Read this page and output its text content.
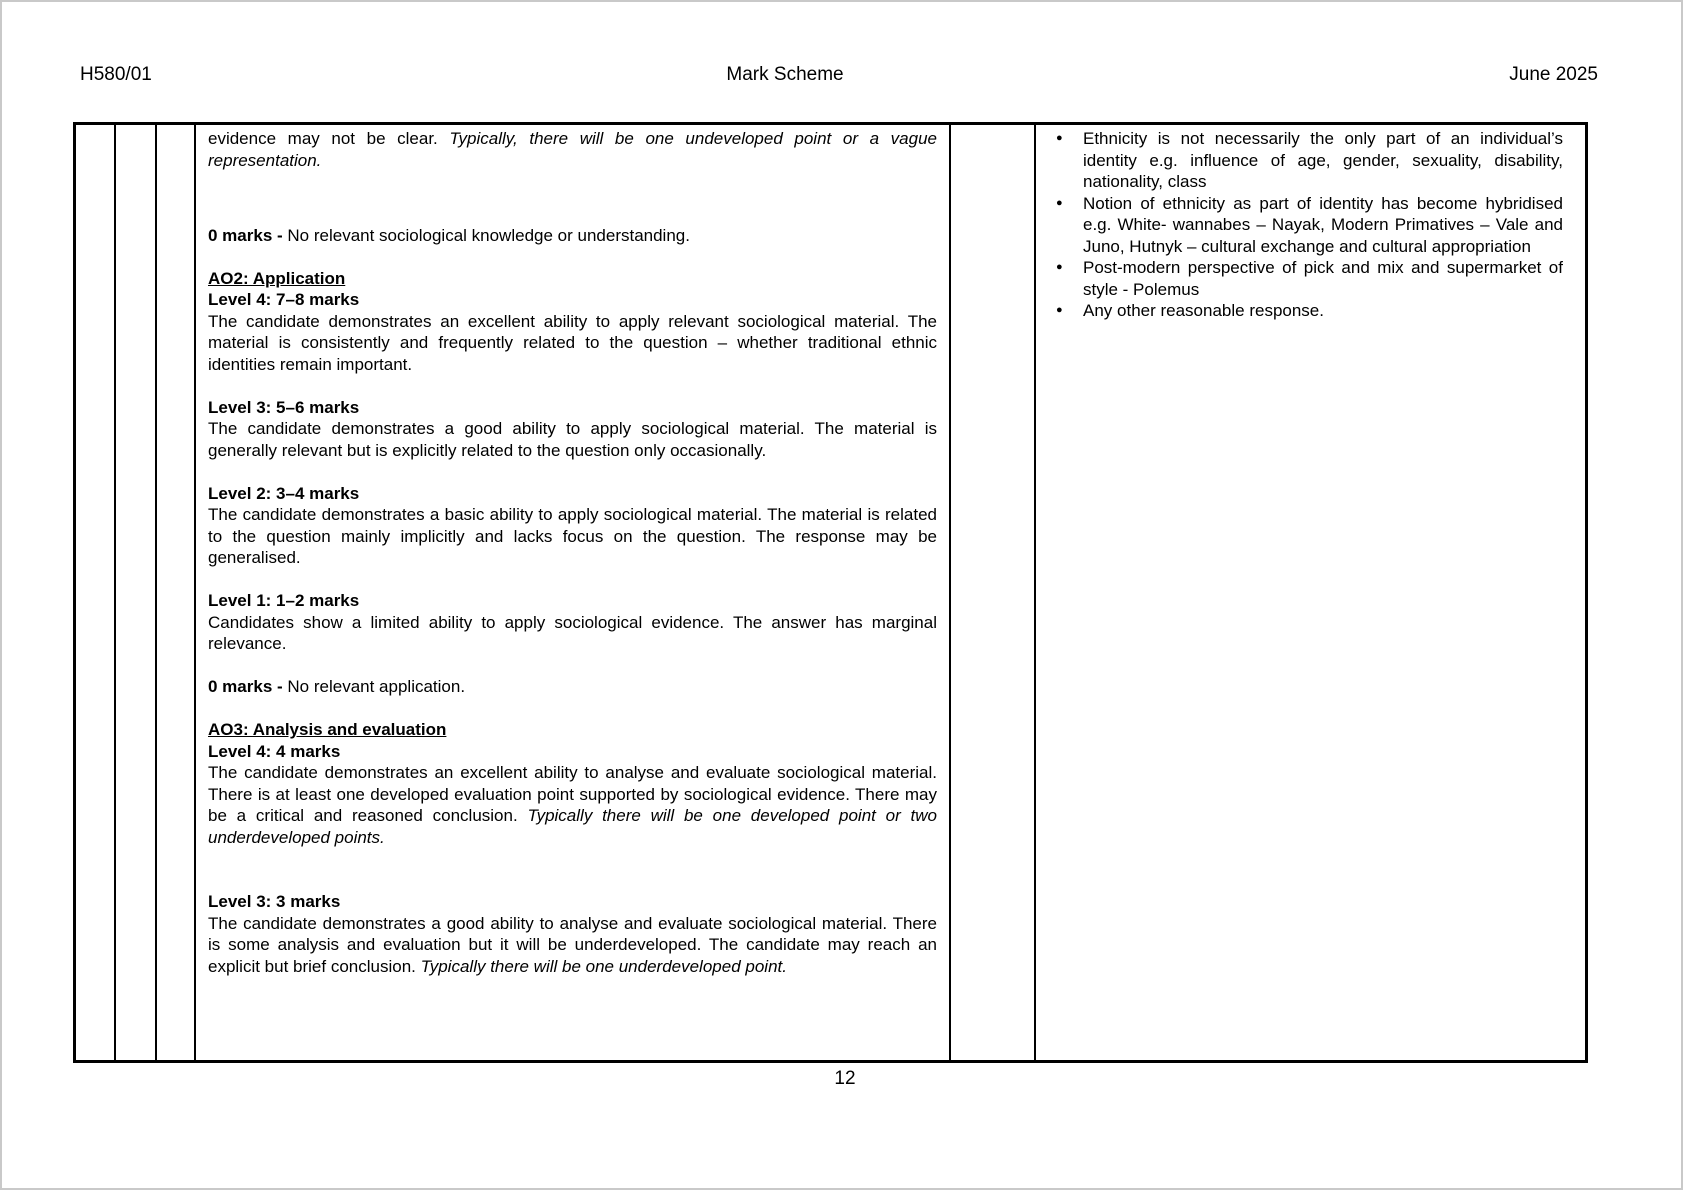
H580/01	Mark Scheme	June 2025

evidence may not be clear. Typically, there will be one undeveloped point or a vague representation.

0 marks - No relevant sociological knowledge or understanding.

AO2: Application

Level 4: 7–8 marks

The candidate demonstrates an excellent ability to apply relevant sociological material. The material is consistently and frequently related to the question – whether traditional ethnic identities remain important.

Level 3: 5–6 marks

The candidate demonstrates a good ability to apply sociological material. The material is generally relevant but is explicitly related to the question only occasionally.

Level 2: 3–4 marks

The candidate demonstrates a basic ability to apply sociological material. The material is related to the question mainly implicitly and lacks focus on the question. The response may be generalised.

Level 1: 1–2 marks

Candidates show a limited ability to apply sociological evidence. The answer has marginal relevance.

0 marks - No relevant application.

AO3: Analysis and evaluation

Level 4: 4 marks

The candidate demonstrates an excellent ability to analyse and evaluate sociological material. There is at least one developed evaluation point supported by sociological evidence. There may be a critical and reasoned conclusion. Typically there will be one developed point or two underdeveloped points.

Level 3: 3 marks

The candidate demonstrates a good ability to analyse and evaluate sociological material. There is some analysis and evaluation but it will be underdeveloped. The candidate may reach an explicit but brief conclusion. Typically there will be one underdeveloped point.

● Ethnicity is not necessarily the only part of an individual’s identity e.g. influence of age, gender, sexuality, disability, nationality, class
● Notion of ethnicity as part of identity has become hybridised e.g. White- wannabes – Nayak, Modern Primatives – Vale and Juno, Hutnyk – cultural exchange and cultural appropriation
● Post-modern perspective of pick and mix and supermarket of style - Polemus
● Any other reasonable response.
12
